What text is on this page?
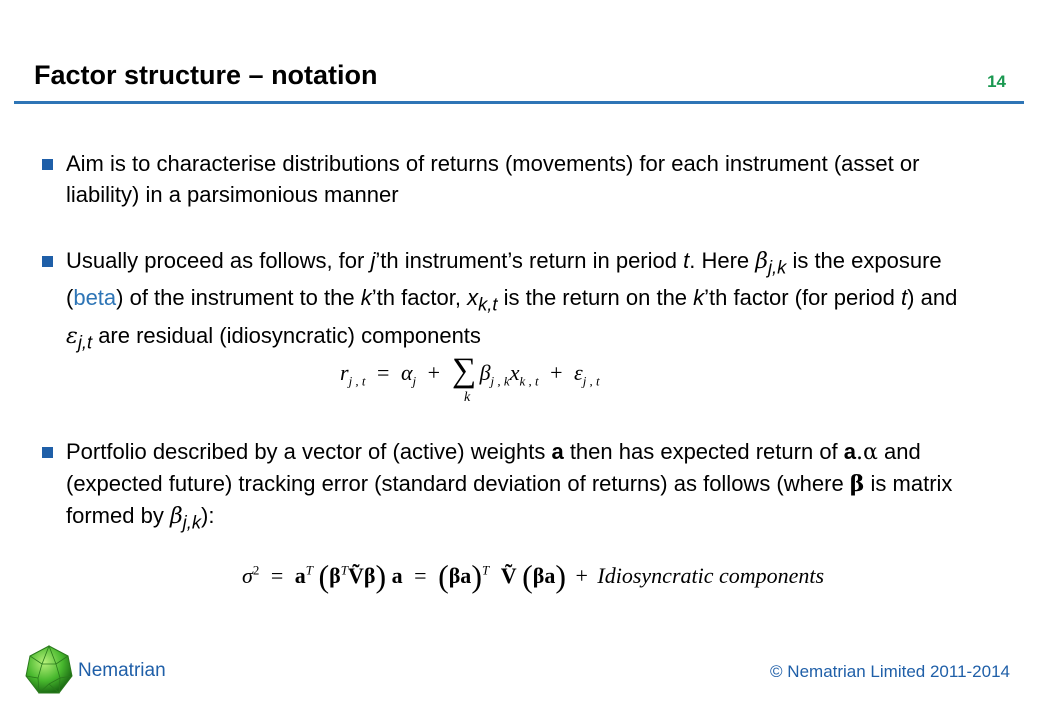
Factor structure – notation	14
Aim is to characterise distributions of returns (movements) for each instrument (asset or liability) in a parsimonious manner
Usually proceed as follows, for j’th instrument’s return in period t. Here $\beta_{j,k}$ is the exposure (beta) of the instrument to the k’th factor, $x_{k,t}$ is the return on the k’th factor (for period t) and $\varepsilon_{j,t}$ are residual (idiosyncratic) components
$r_{j , t} = \alpha_j$ + ∑
k
$\beta_{j , k}x_{k , t} + \varepsilon_{j , t}$
Portfolio described by a vector of (active) weights a then has expected return of a.α and (expected future) tracking error (standard deviation of returns) as follows (where β is matrix formed by $\beta_{j,k}$):
$\sigma^2 = a^T$ $(\beta^TṼ\beta) a = (\beta a)^T$ Ṽ (βa) + Idiosyncratic components
Nematrian	© Nematrian Limited 2011-2014
